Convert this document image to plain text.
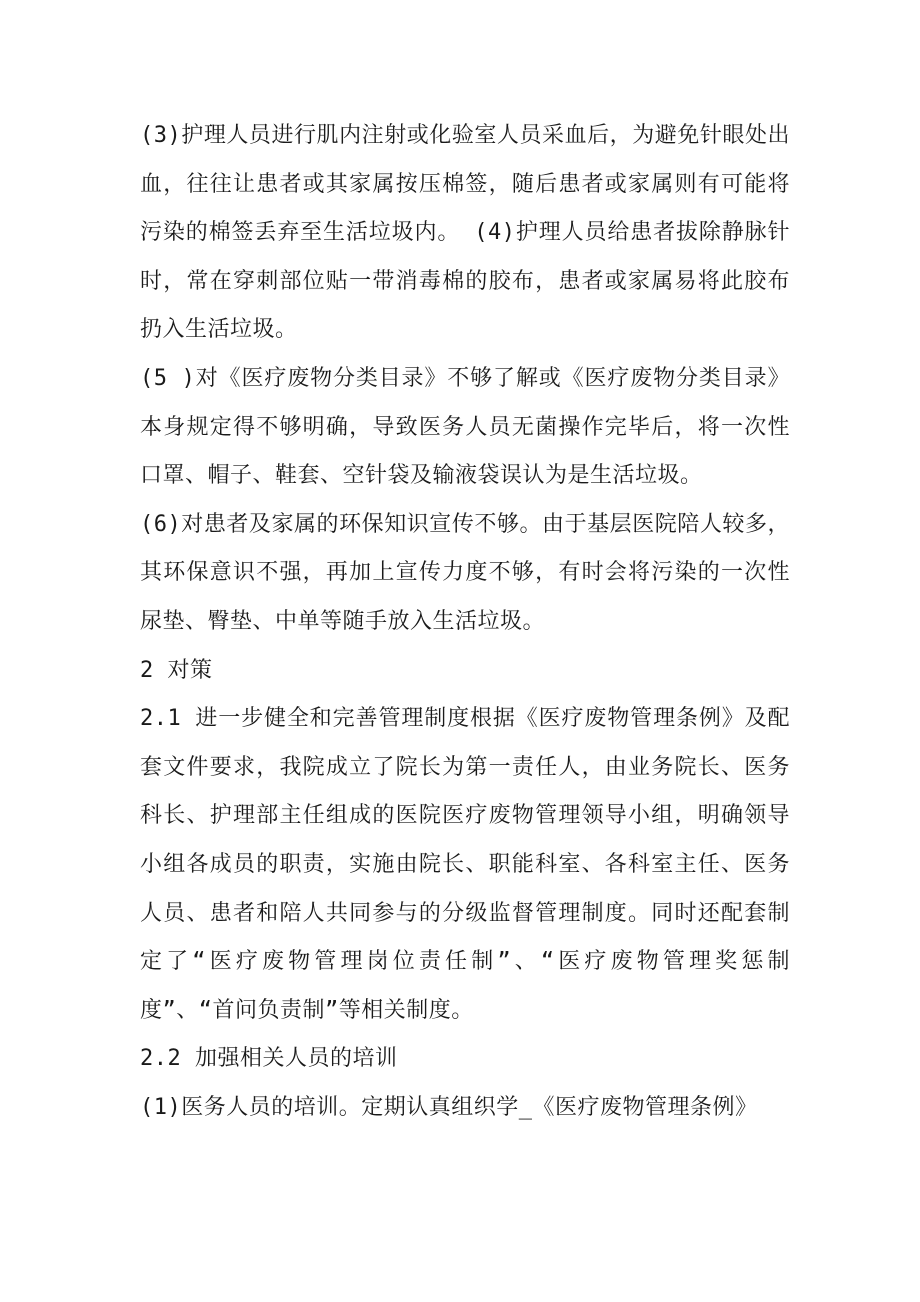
(3)护理人员进行肌内注射或化验室人员采血后，为避免针眼处出血，往往让患者或其家属按压棉签，随后患者或家属则有可能将污染的棉签丢弃至生活垃圾内。 (4)护理人员给患者拔除静脉针时，常在穿刺部位贴一带消毒棉的胶布，患者或家属易将此胶布扔入生活垃圾。

(5 )对《医疗废物分类目录》不够了解或《医疗废物分类目录》本身规定得不够明确，导致医务人员无菌操作完毕后，将一次性口罩、帽子、鞋套、空针袋及输液袋误认为是生活垃圾。

(6)对患者及家属的环保知识宣传不够。由于基层医院陪人较多，其环保意识不强，再加上宣传力度不够，有时会将污染的一次性尿垫、臀垫、中单等随手放入生活垃圾。

2 对策

2.1 进一步健全和完善管理制度根据《医疗废物管理条例》及配套文件要求，我院成立了院长为第一责任人，由业务院长、医务科长、护理部主任组成的医院医疗废物管理领导小组，明确领导小组各成员的职责，实施由院长、职能科室、各科室主任、医务人员、患者和陪人共同参与的分级监督管理制度。同时还配套制定了“医疗废物管理岗位责任制”、“医疗废物管理奖惩制度”、“首问负责制”等相关制度。

2.2 加强相关人员的培训

(1)医务人员的培训。定期认真组织学_《医疗废物管理条例》
